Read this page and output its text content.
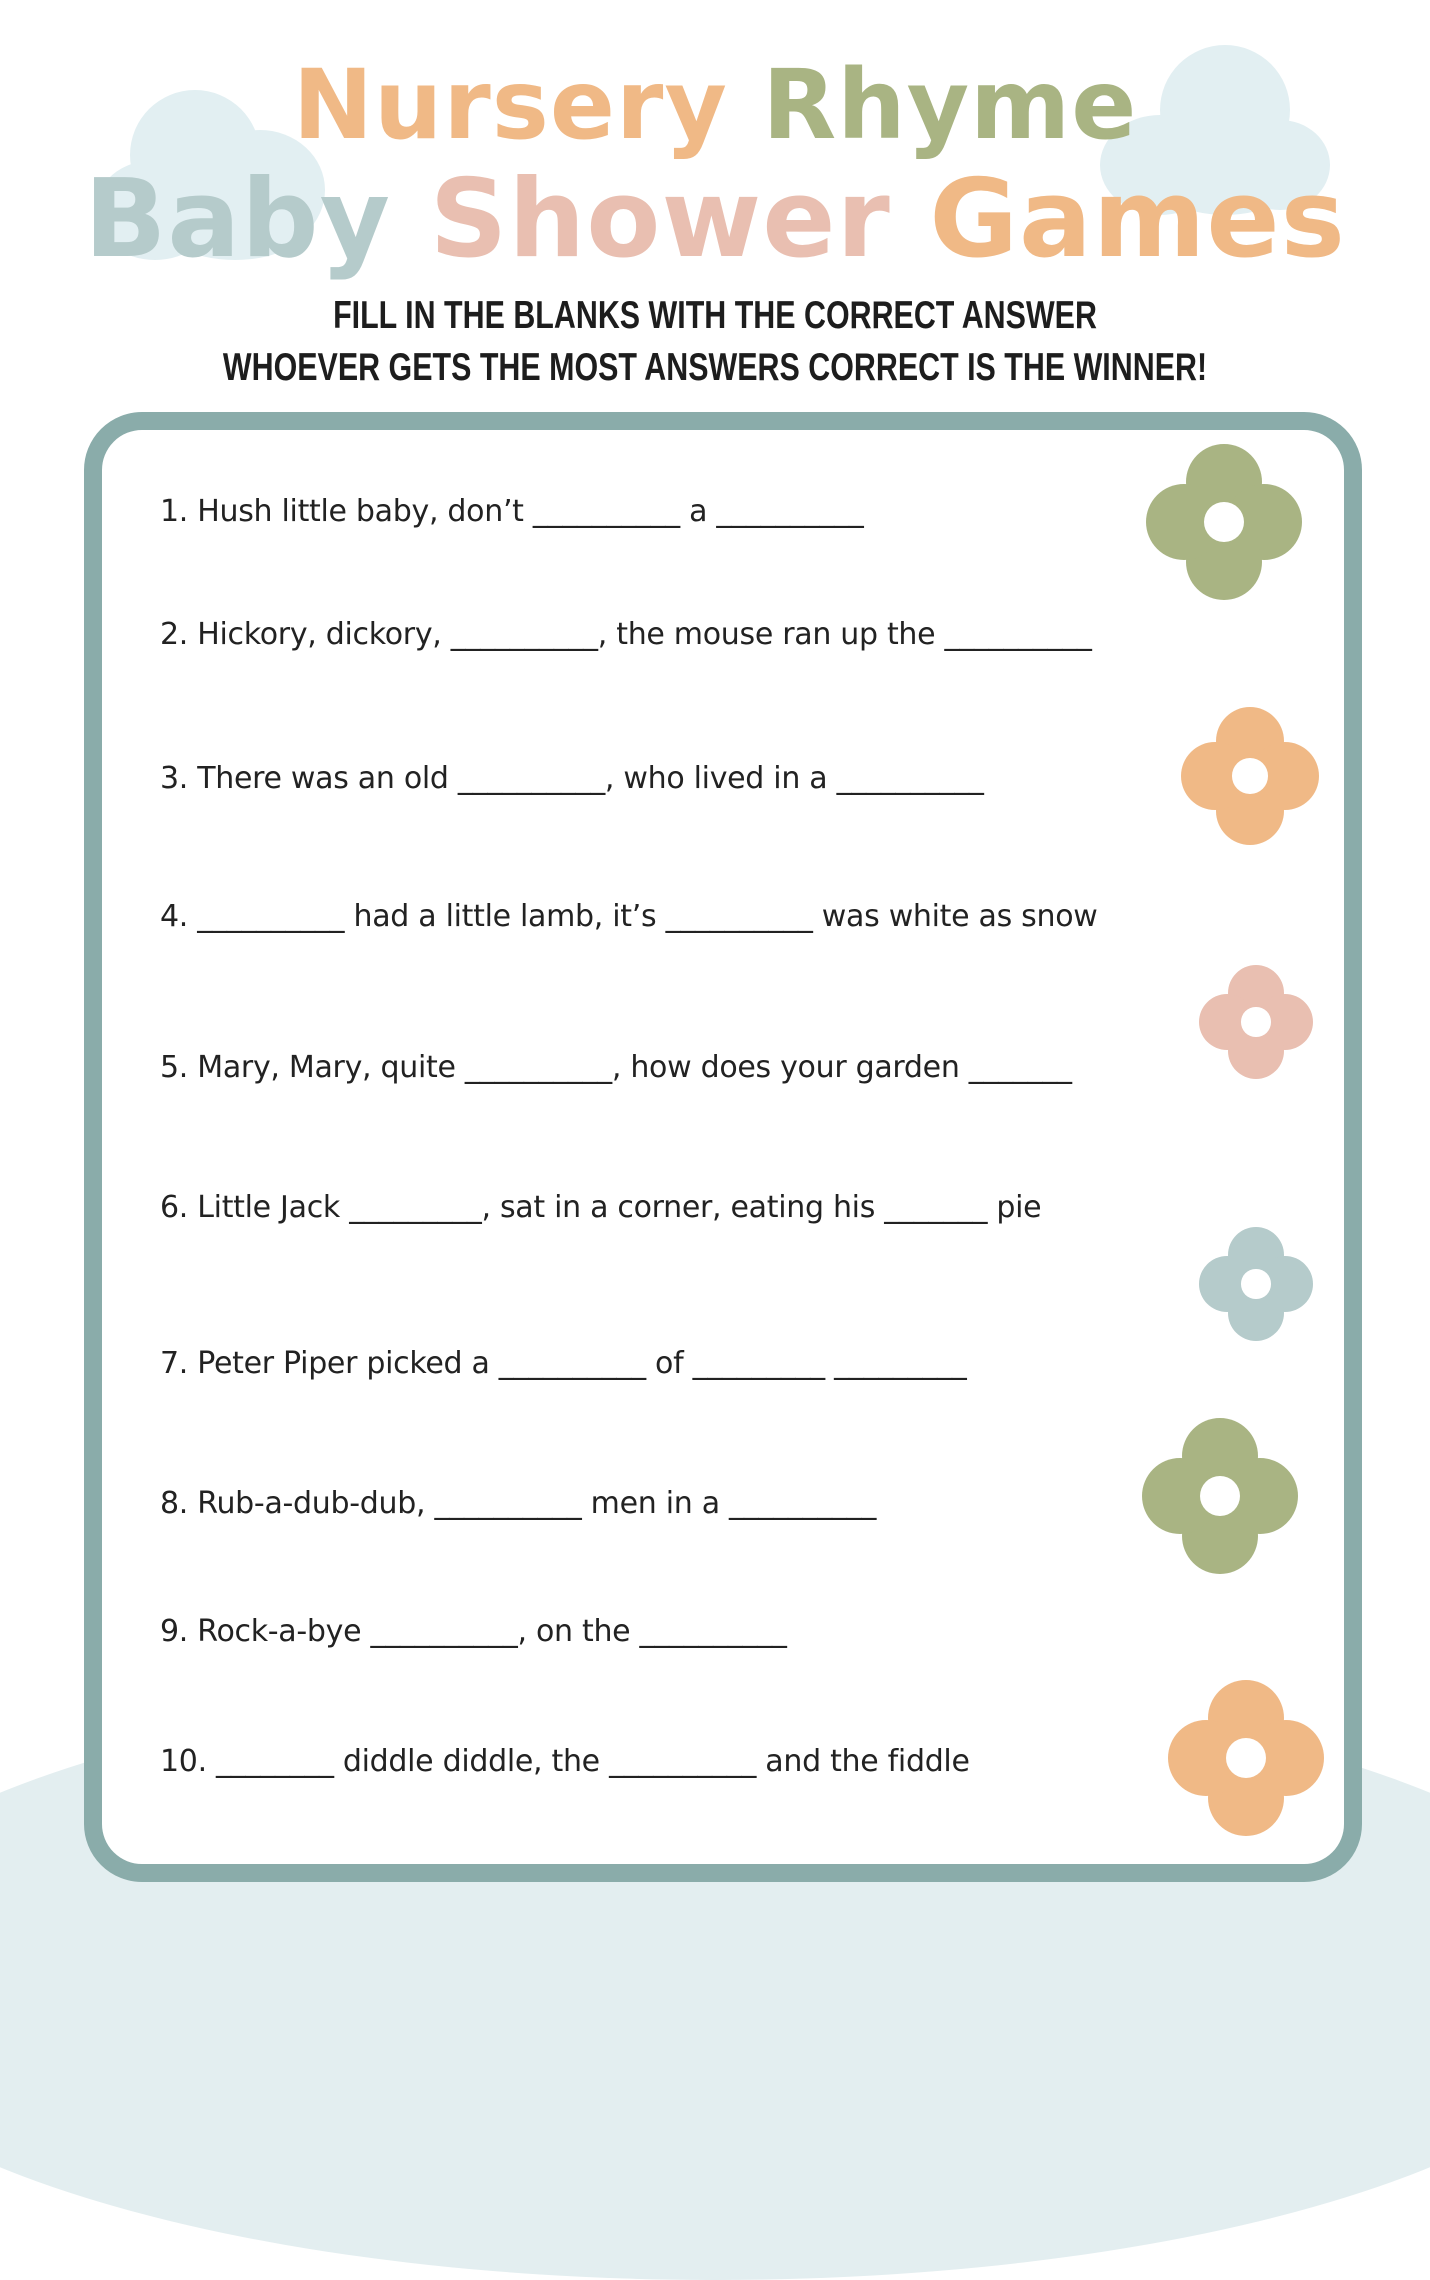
Nursery Rhyme
Baby Shower Games
FILL IN THE BLANKS WITH THE CORRECT ANSWER
WHOEVER GETS THE MOST ANSWERS CORRECT IS THE WINNER!
1. Hush little baby, don’t __________ a __________
2. Hickory, dickory, __________, the mouse ran up the __________
3. There was an old __________, who lived in a __________
4. __________ had a little lamb, it’s __________ was white as snow
5. Mary, Mary, quite __________, how does your garden _______
6. Little Jack _________, sat in a corner, eating his _______ pie
7. Peter Piper picked a __________ of _________ _________
8. Rub-a-dub-dub, __________ men in a __________
9. Rock-a-bye __________, on the __________
10. ________ diddle diddle, the __________ and the fiddle
